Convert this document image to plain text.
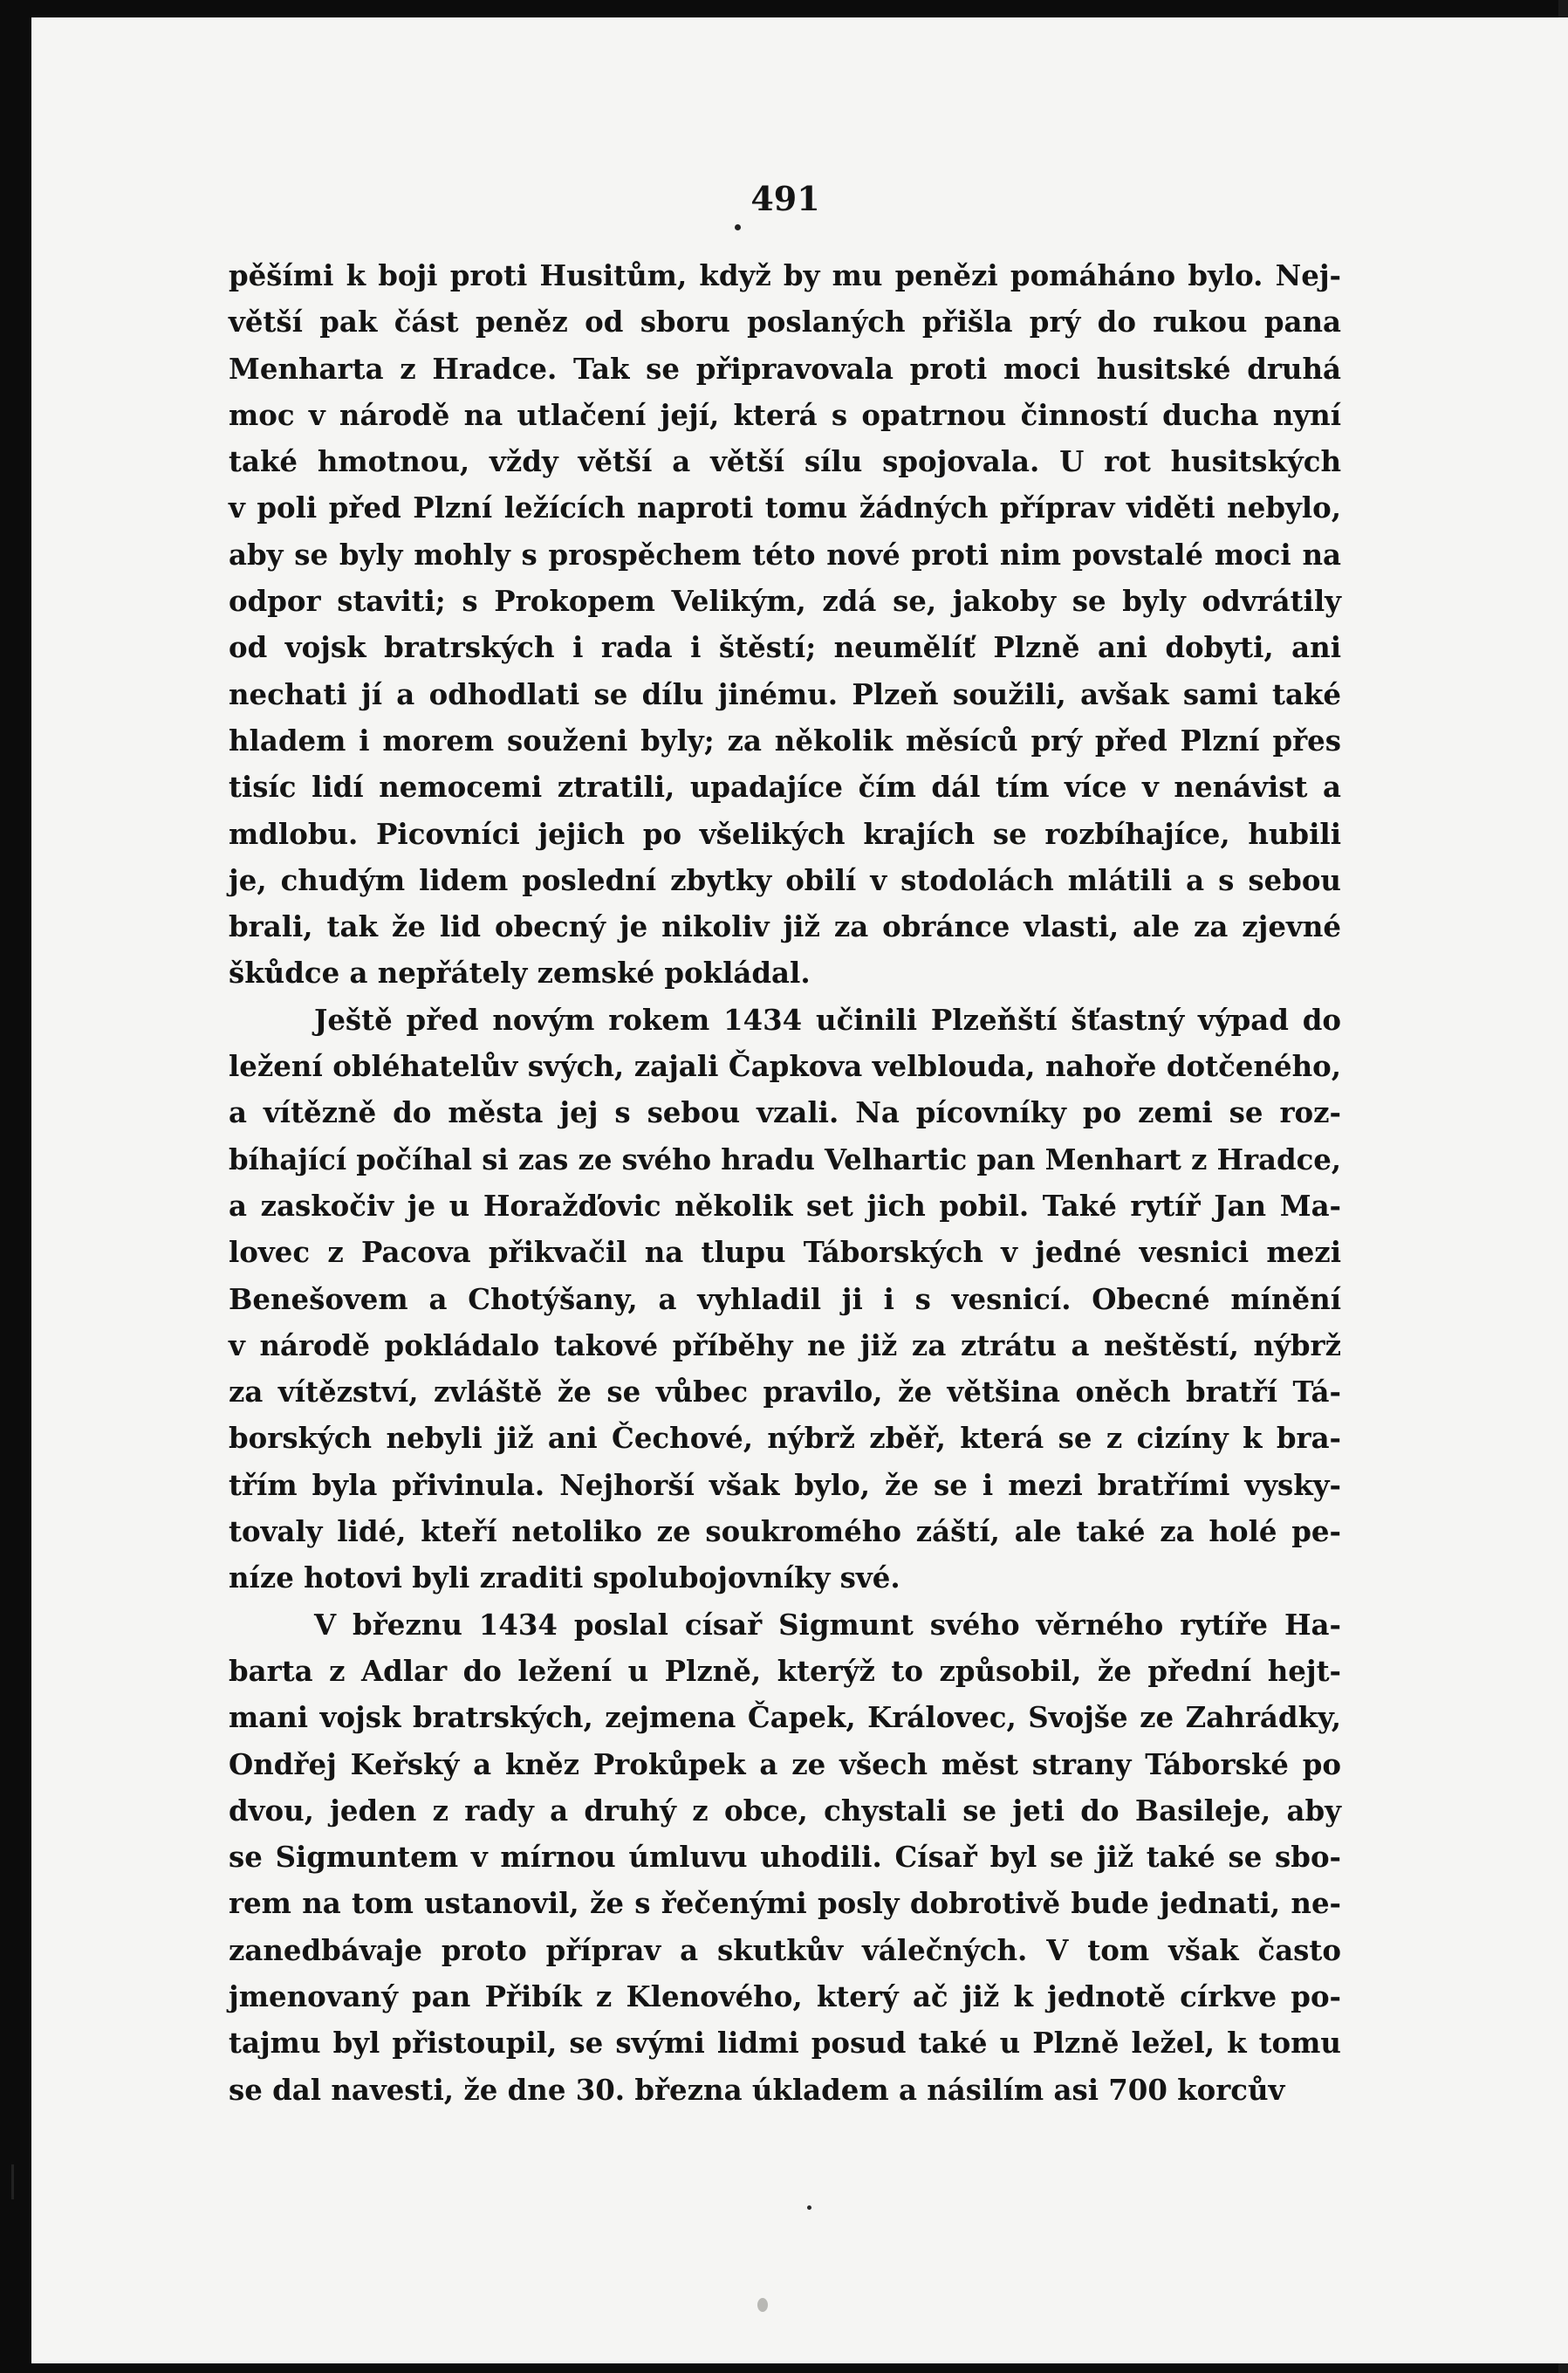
491
pěšími k boji proti Husitům, když by mu penězi pomáháno bylo. Nej-
větší pak část peněz od sboru poslaných přišla prý do rukou pana
Menharta z Hradce. Tak se připravovala proti moci husitské druhá
moc v národě na utlačení její, která s opatrnou činností ducha nyní
také hmotnou, vždy větší a větší sílu spojovala. U rot husitských
v poli před Plzní ležících naproti tomu žádných příprav viděti nebylo,
aby se byly mohly s prospěchem této nové proti nim povstalé moci na
odpor staviti; s Prokopem Velikým, zdá se, jakoby se byly odvrátily
od vojsk bratrských i rada i štěstí; neumělíť Plzně ani dobyti, ani
nechati jí a odhodlati se dílu jinému. Plzeň soužili, avšak sami také
hladem i morem souženi byly; za několik měsíců prý před Plzní přes
tisíc lidí nemocemi ztratili, upadajíce čím dál tím více v nenávist a
mdlobu. Picovníci jejich po všelikých krajích se rozbíhajíce, hubili
je, chudým lidem poslední zbytky obilí v stodolách mlátili a s sebou
brali, tak že lid obecný je nikoliv již za obránce vlasti, ale za zjevné
škůdce a nepřátely zemské pokládal.
Ještě před novým rokem 1434 učinili Plzeňští šťastný výpad do
ležení obléhatelův svých, zajali Čapkova velblouda, nahoře dotčeného,
a vítězně do města jej s sebou vzali. Na pícovníky po zemi se roz-
bíhající počíhal si zas ze svého hradu Velhartic pan Menhart z Hradce,
a zaskočiv je u Horažďovic několik set jich pobil. Také rytíř Jan Ma-
lovec z Pacova přikvačil na tlupu Táborských v jedné vesnici mezi
Benešovem a Chotýšany, a vyhladil ji i s vesnicí. Obecné mínění
v národě pokládalo takové příběhy ne již za ztrátu a neštěstí, nýbrž
za vítězství, zvláště že se vůbec pravilo, že většina oněch bratří Tá-
borských nebyli již ani Čechové, nýbrž zběř, která se z cizíny k bra-
třím byla přivinula. Nejhorší však bylo, že se i mezi bratřími vysky-
tovaly lidé, kteří netoliko ze soukromého záští, ale také za holé pe-
níze hotovi byli zraditi spolubojovníky své.
V březnu 1434 poslal císař Sigmunt svého věrného rytíře Ha-
barta z Adlar do ležení u Plzně, kterýž to způsobil, že přední hejt-
mani vojsk bratrských, zejmena Čapek, Královec, Svojše ze Zahrádky,
Ondřej Keřský a kněz Prokůpek a ze všech měst strany Táborské po
dvou, jeden z rady a druhý z obce, chystali se jeti do Basileje, aby
se Sigmuntem v mírnou úmluvu uhodili. Císař byl se již také se sbo-
rem na tom ustanovil, že s řečenými posly dobrotivě bude jednati, ne-
zanedbávaje proto příprav a skutkův válečných. V tom však často
jmenovaný pan Přibík z Klenového, který ač již k jednotě církve po-
tajmu byl přistoupil, se svými lidmi posud také u Plzně ležel, k tomu
se dal navesti, že dne 30. března úkladem a násilím asi 700 korcův
